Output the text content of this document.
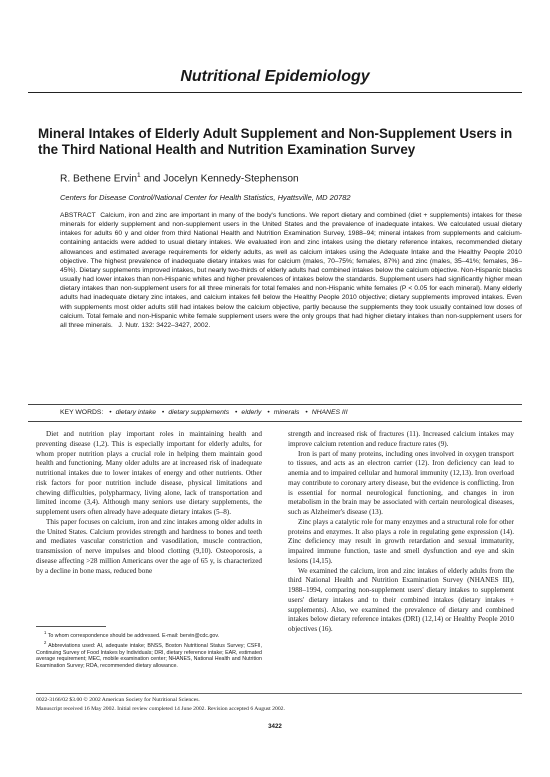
Nutritional Epidemiology
Mineral Intakes of Elderly Adult Supplement and Non-Supplement Users in the Third National Health and Nutrition Examination Survey
R. Bethene Ervin$^1$ and Jocelyn Kennedy-Stephenson
Centers for Disease Control/National Center for Health Statistics, Hyattsville, MD 20782

ABSTRACT Calcium, iron and zinc are important in many of the body's functions. We report dietary and combined (diet + supplements) intakes for these minerals for elderly supplement and non-supplement users in the United States and the prevalence of inadequate intakes. We calculated usual dietary intakes for adults 60 y and older from third National Health and Nutrition Examination Survey, 1988–94; mineral intakes from supplements and calcium-containing antacids were added to usual dietary intakes. We evaluated iron and zinc intakes using the dietary reference intakes, recommended dietary allowances and estimated average requirements for elderly adults, as well as calcium intakes using the Adequate Intake and the Healthy People 2010 objective. The highest prevalence of inadequate dietary intakes was for calcium (males, 70–75%; females, 87%) and zinc (males, 35–41%; females, 36–45%). Dietary supplements improved intakes, but nearly two-thirds of elderly adults had combined intakes below the calcium objective. Non-Hispanic blacks usually had lower intakes than non-Hispanic whites and higher prevalences of intakes below the standards. Supplement users had significantly higher mean dietary intakes than non-supplement users for all three minerals for total females and non-Hispanic white females (P < 0.05 for each mineral). Many elderly adults had inadequate dietary zinc intakes, and calcium intakes fell below the Healthy People 2010 objective; dietary supplements improved intakes. Even with supplements most older adults still had intakes below the calcium objective, partly because the supplements they took usually contained low doses of calcium. Total female and non-Hispanic white female supplement users were the only groups that had higher dietary intakes than non-supplement users for all three minerals. J. Nutr. 132: 3422–3427, 2002.

KEY WORDS: • dietary intake • dietary supplements • elderly • minerals • NHANES III

Diet and nutrition play important roles in maintaining health and preventing disease (1,2). This is especially important for elderly adults, for whom proper nutrition plays a crucial role in helping them maintain good health and functioning. Many older adults are at increased risk of inadequate nutritional intakes due to lower intakes of energy and other nutrients. Other risk factors for poor nutrition include disease, physical limitations and chewing difficulties, polypharmacy, living alone, lack of transportation and limited income (3,4). Although many seniors use dietary supplements, the supplement users often already have adequate dietary intakes (5–8).

This paper focuses on calcium, iron and zinc intakes among older adults in the United States. Calcium provides strength and hardness to bones and teeth and mediates vascular constriction and vasodilation, muscle contraction, transmission of nerve impulses and blood clotting (9,10). Osteoporosis, a disease affecting >28 million Americans over the age of 65 y, is characterized by a decline in bone mass, reduced bone

strength and increased risk of fractures (11). Increased calcium intakes may improve calcium retention and reduce fracture rates (9).

Iron is part of many proteins, including ones involved in oxygen transport to tissues, and acts as an electron carrier (12). Iron deficiency can lead to anemia and to impaired cellular and humoral immunity (12,13). Iron overload may contribute to coronary artery disease, but the evidence is conflicting. Iron is essential for normal neurological functioning, and changes in iron metabolism in the brain may be associated with certain neurological diseases, such as Alzheimer's disease (13).

Zinc plays a catalytic role for many enzymes and a structural role for other proteins and enzymes. It also plays a role in regulating gene expression (14). Zinc deficiency may result in growth retardation and sexual immaturity, impaired immune function, taste and smell dysfunction and eye and skin lesions (14,15).

We examined the calcium, iron and zinc intakes of elderly adults from the third National Health and Nutrition Examination Survey (NHANES III), 1988–1994, comparing non-supplement users' dietary intakes to supplement users' dietary intakes and to their combined intakes (dietary intakes + supplements). Also, we examined the prevalence of dietary and combined intakes below dietary reference intakes (DRI) (12,14) or Healthy People 2010 objectives (16).

$^1$ To whom correspondence should be addressed. E-mail: bervin@cdc.gov.

$^2$ Abbreviations used: AI, adequate intake; BNSS, Boston Nutritional Status Survey; CSFII, Continuing Survey of Food Intakes by Individuals; DRI, dietary reference intake; EAR, estimated average requirement; MEC, mobile examination center; NHANES, National Health and Nutrition Examination Survey; RDA, recommended dietary allowance.

0022-3166/02 $3.00 © 2002 American Society for Nutritional Sciences.
Manuscript received 16 May 2002. Initial review completed 14 June 2002. Revision accepted 6 August 2002.
3422
